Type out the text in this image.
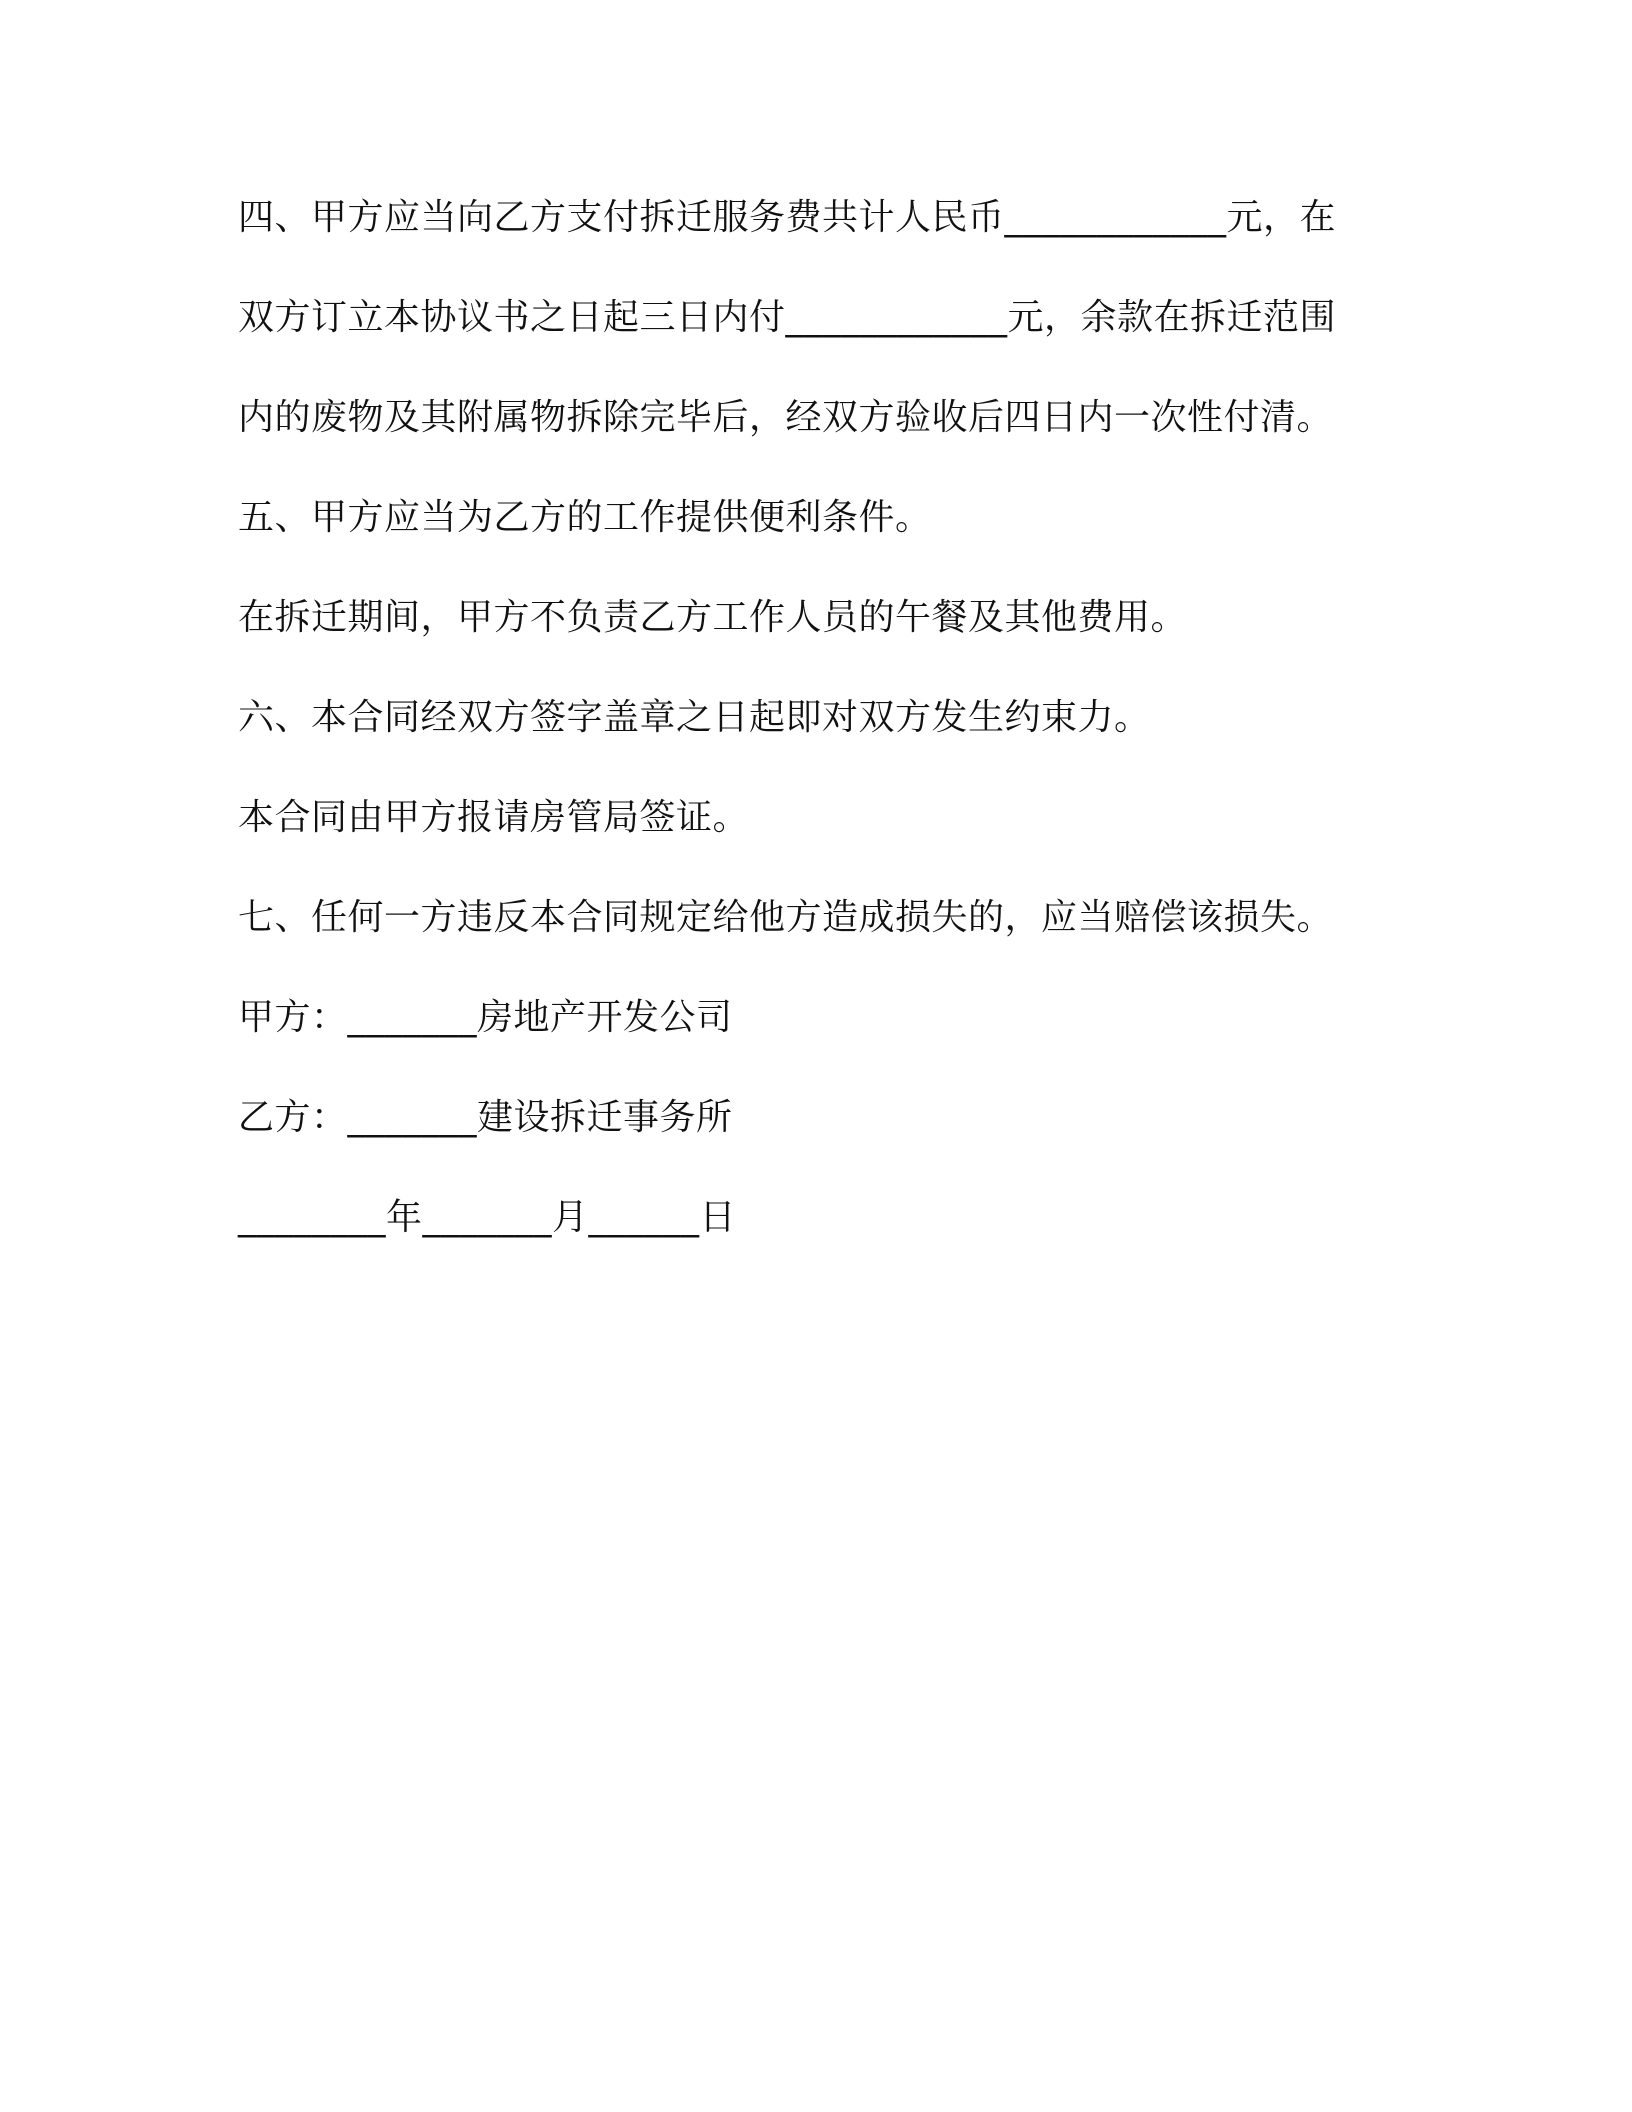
四、甲方应当向乙方支付拆迁服务费共计人民币____________元，在
双方订立本协议书之日起三日内付____________元，余款在拆迁范围
内的废物及其附属物拆除完毕后，经双方验收后四日内一次性付清。
五、甲方应当为乙方的工作提供便利条件。
在拆迁期间，甲方不负责乙方工作人员的午餐及其他费用。
六、本合同经双方签字盖章之日起即对双方发生约束力。
本合同由甲方报请房管局签证。
七、任何一方违反本合同规定给他方造成损失的，应当赔偿该损失。
甲方：_______房地产开发公司
乙方：_______建设拆迁事务所
________年_______月______日
